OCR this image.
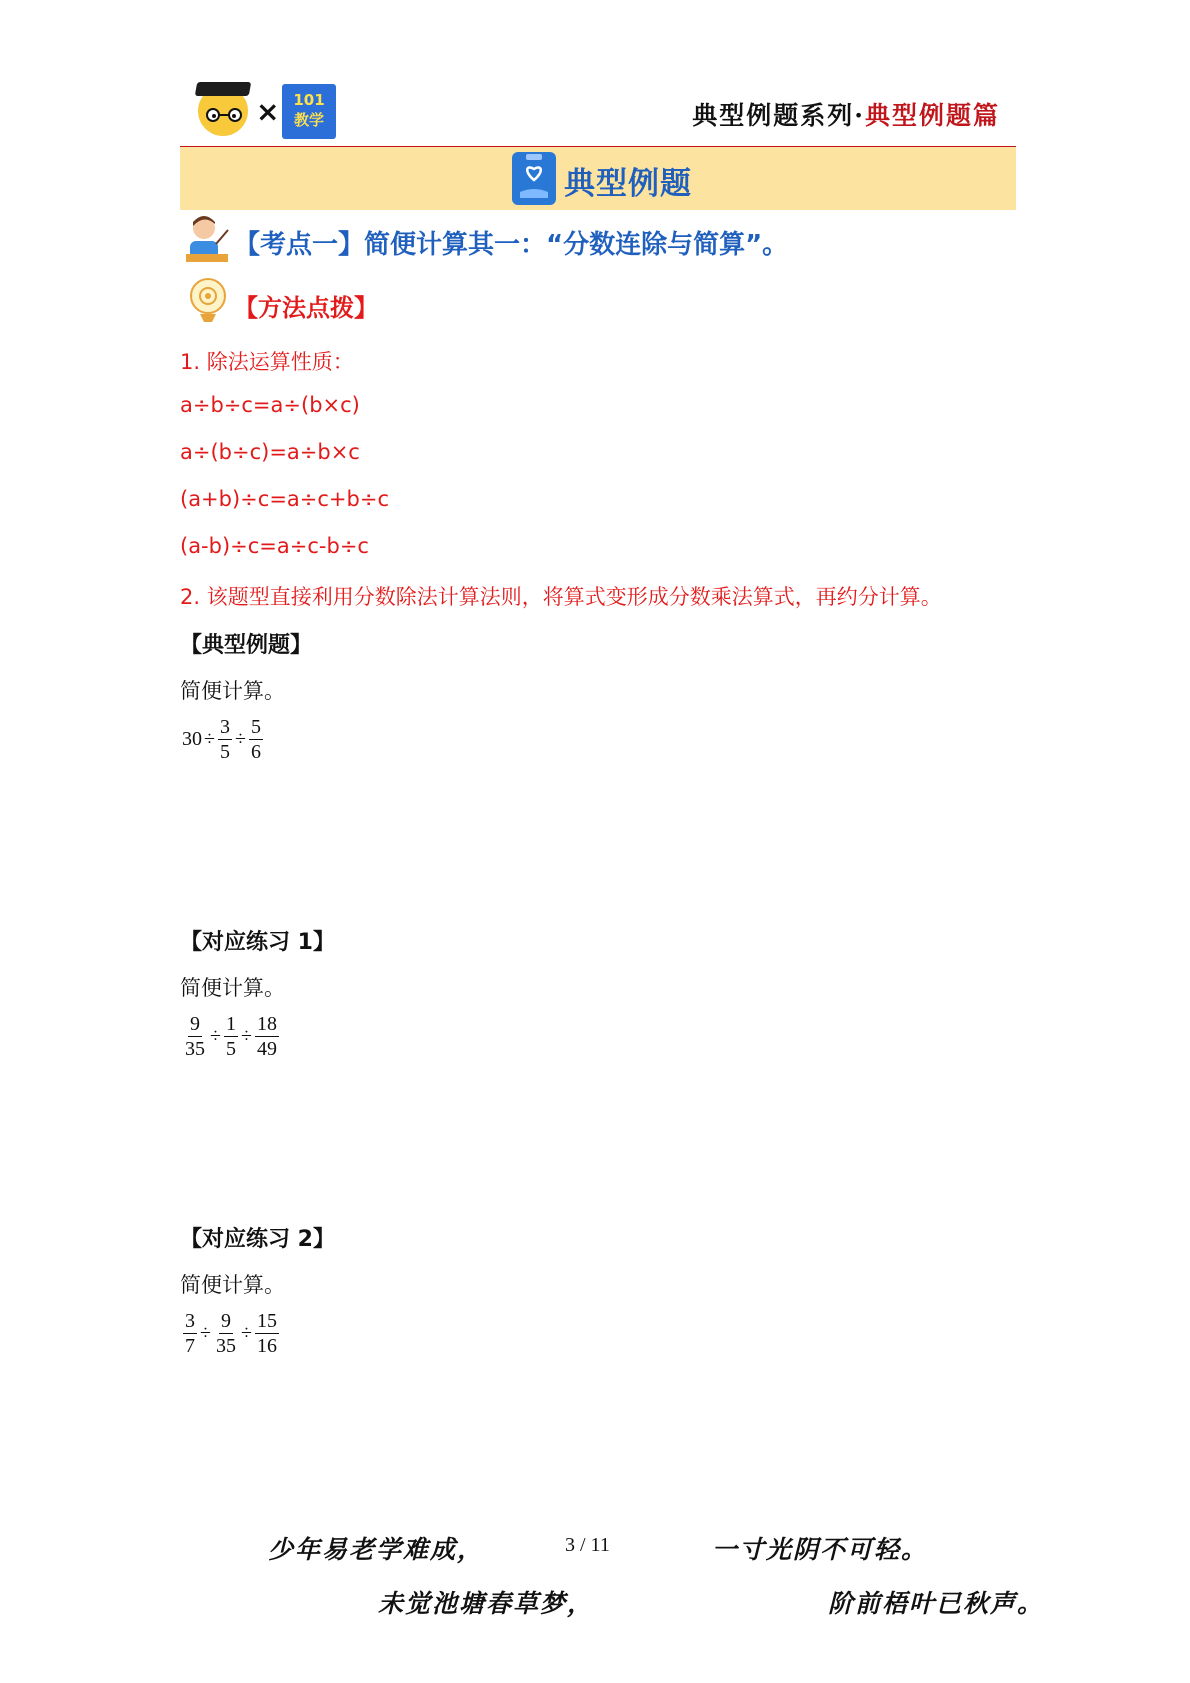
× 101
教学	典型例题系列·典型例题篇
典型例题
【考点一】简便计算其一：“分数连除与简算”。
【方法点拨】
1. 除法运算性质：
a÷b÷c=a÷(b×c)
a÷(b÷c)=a÷b×c
(a+b)÷c=a÷c+b÷c
(a-b)÷c=a÷c-b÷c
2. 该题型直接利用分数除法计算法则，将算式变形成分数乘法算式，再约分计算。
【典型例题】
简便计算。
$30 \div \frac{3}{5} \div \frac{5}{6}$
【对应练习 1】
简便计算。
$\frac{9}{35} \div \frac{1}{5} \div \frac{18}{49}$
【对应练习 2】
简便计算。
$\frac{3}{7} \div \frac{9}{35} \div \frac{15}{16}$
少年易老学难成，	3 / 11	一寸光阴不可轻。
未觉池塘春草梦，	阶前梧叶已秋声。
